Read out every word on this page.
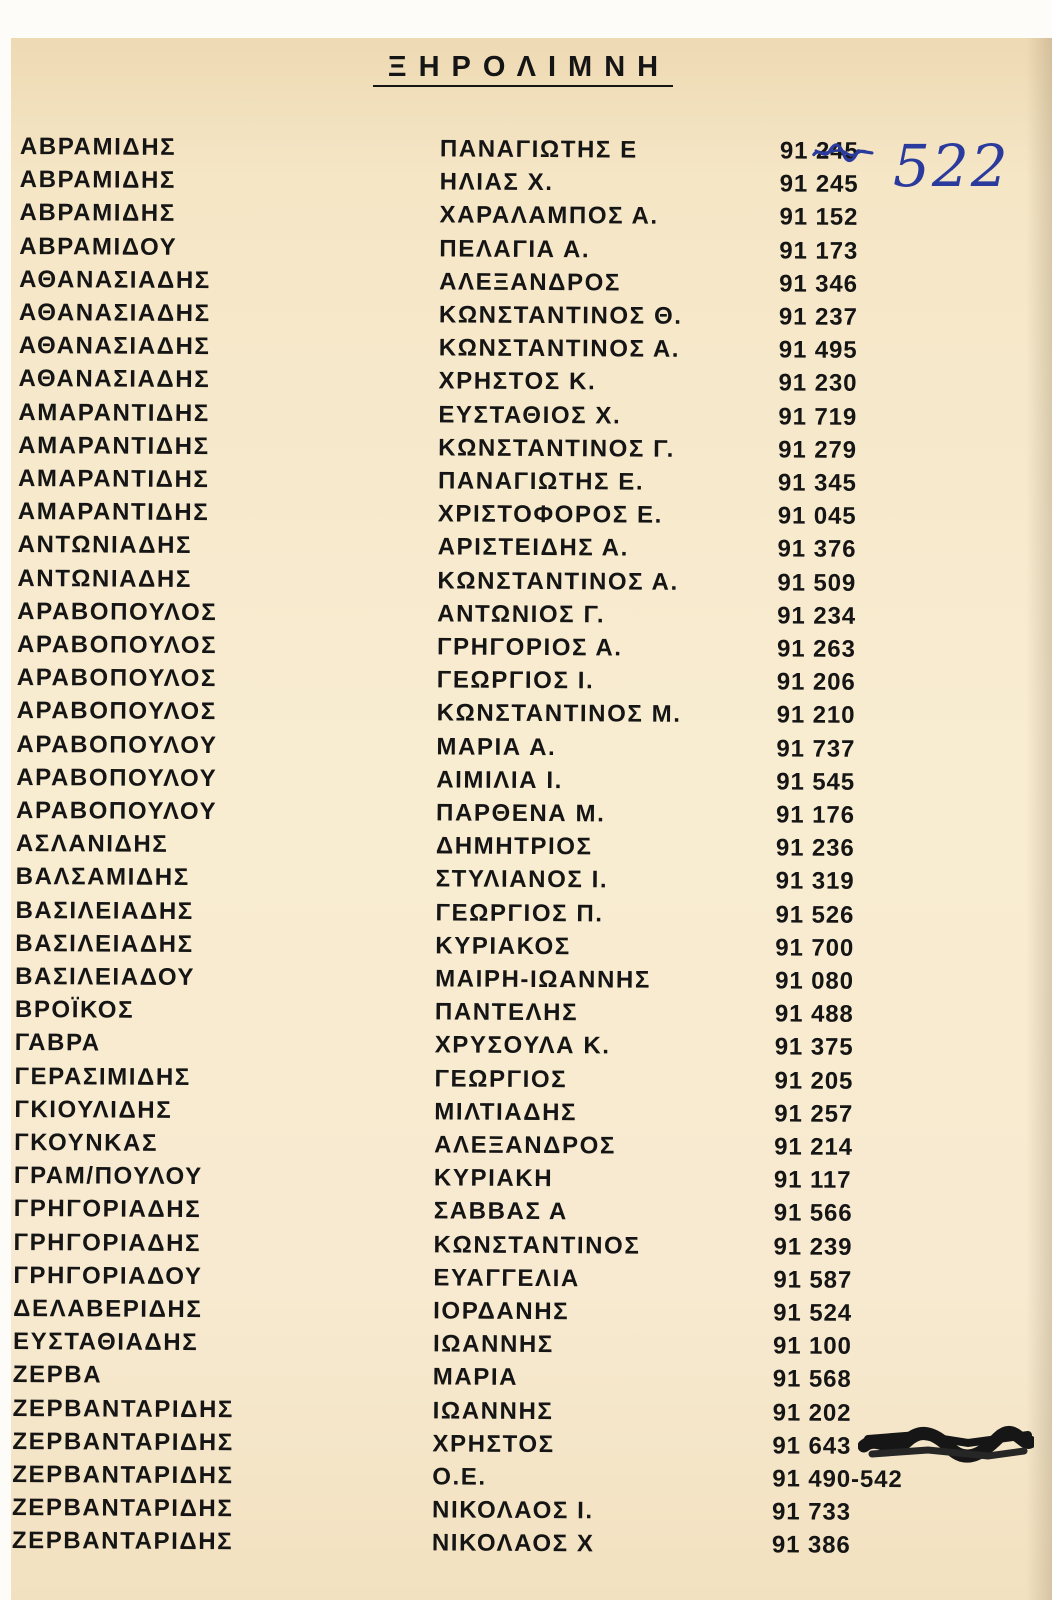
ΞΗΡΟΛΙΜΝΗ
ΖΕΡΒΑΝΤΑΡΙΔΗΣ	ΝΙΚΟΛΑΟΣ Χ	91 386
ΖΕΡΒΑΝΤΑΡΙΔΗΣ	ΝΙΚΟΛΑΟΣ Ι.	91 733
ΖΕΡΒΑΝΤΑΡΙΔΗΣ	Ο.Ε.	91 490-542
ΖΕΡΒΑΝΤΑΡΙΔΗΣ	ΧΡΗΣΤΟΣ	91 643
ΖΕΡΒΑΝΤΑΡΙΔΗΣ	ΙΩΑΝΝΗΣ	91 202
ΖΕΡΒΑ	ΜΑΡΙΑ	91 568
ΕΥΣΤΑΘΙΑΔΗΣ	ΙΩΑΝΝΗΣ	91 100
ΔΕΛΑΒΕΡΙΔΗΣ	ΙΟΡΔΑΝΗΣ	91 524
ΓΡΗΓΟΡΙΑΔΟΥ	ΕΥΑΓΓΕΛΙΑ	91 587
ΓΡΗΓΟΡΙΑΔΗΣ	ΚΩΝΣΤΑΝΤΙΝΟΣ	91 239
ΓΡΗΓΟΡΙΑΔΗΣ	ΣΑΒΒΑΣ Α	91 566
ΓΡΑΜ/ΠΟΥΛΟΥ	ΚΥΡΙΑΚΗ	91 117
ΓΚΟΥΝΚΑΣ	ΑΛΕΞΑΝΔΡΟΣ	91 214
ΓΚΙΟΥΛΙΔΗΣ	ΜΙΛΤΙΑΔΗΣ	91 257
ΓΕΡΑΣΙΜΙΔΗΣ	ΓΕΩΡΓΙΟΣ	91 205
ΓΑΒΡΑ	ΧΡΥΣΟΥΛΑ Κ.	91 375
ΒΡΟΪΚΟΣ	ΠΑΝΤΕΛΗΣ	91 488
ΒΑΣΙΛΕΙΑΔΟΥ	ΜΑΙΡΗ-ΙΩΑΝΝΗΣ	91 080
ΒΑΣΙΛΕΙΑΔΗΣ	ΚΥΡΙΑΚΟΣ	91 700
ΒΑΣΙΛΕΙΑΔΗΣ	ΓΕΩΡΓΙΟΣ Π.	91 526
ΒΑΛΣΑΜΙΔΗΣ	ΣΤΥΛΙΑΝΟΣ Ι.	91 319
ΑΣΛΑΝΙΔΗΣ	ΔΗΜΗΤΡΙΟΣ	91 236
ΑΡΑΒΟΠΟΥΛΟΥ	ΠΑΡΘΕΝΑ Μ.	91 176
ΑΡΑΒΟΠΟΥΛΟΥ	ΑΙΜΙΛΙΑ Ι.	91 545
ΑΡΑΒΟΠΟΥΛΟΥ	ΜΑΡΙΑ Α.	91 737
ΑΡΑΒΟΠΟΥΛΟΣ	ΚΩΝΣΤΑΝΤΙΝΟΣ Μ.	91 210
ΑΡΑΒΟΠΟΥΛΟΣ	ΓΕΩΡΓΙΟΣ Ι.	91 206
ΑΡΑΒΟΠΟΥΛΟΣ	ΓΡΗΓΟΡΙΟΣ Α.	91 263
ΑΡΑΒΟΠΟΥΛΟΣ	ΑΝΤΩΝΙΟΣ Γ.	91 234
ΑΝΤΩΝΙΑΔΗΣ	ΚΩΝΣΤΑΝΤΙΝΟΣ Α.	91 509
ΑΝΤΩΝΙΑΔΗΣ	ΑΡΙΣΤΕΙΔΗΣ Α.	91 376
ΑΜΑΡΑΝΤΙΔΗΣ	ΧΡΙΣΤΟΦΟΡΟΣ Ε.	91 045
ΑΜΑΡΑΝΤΙΔΗΣ	ΠΑΝΑΓΙΩΤΗΣ Ε.	91 345
ΑΜΑΡΑΝΤΙΔΗΣ	ΚΩΝΣΤΑΝΤΙΝΟΣ Γ.	91 279
ΑΜΑΡΑΝΤΙΔΗΣ	ΕΥΣΤΑΘΙΟΣ Χ.	91 719
ΑΘΑΝΑΣΙΑΔΗΣ	ΧΡΗΣΤΟΣ Κ.	91 230
ΑΘΑΝΑΣΙΑΔΗΣ	ΚΩΝΣΤΑΝΤΙΝΟΣ Α.	91 495
ΑΘΑΝΑΣΙΑΔΗΣ	ΚΩΝΣΤΑΝΤΙΝΟΣ Θ.	91 237
ΑΘΑΝΑΣΙΑΔΗΣ	ΑΛΕΞΑΝΔΡΟΣ	91 346
ΑΒΡΑΜΙΔΟΥ	ΠΕΛΑΓΙΑ Α.	91 173
ΑΒΡΑΜΙΔΗΣ	ΧΑΡΑΛΑΜΠΟΣ Α.	91 152
ΑΒΡΑΜΙΔΗΣ	ΗΛΙΑΣ Χ.	91 245
ΑΒΡΑΜΙΔΗΣ	ΠΑΝΑΓΙΩΤΗΣ Ε	91 245 522
